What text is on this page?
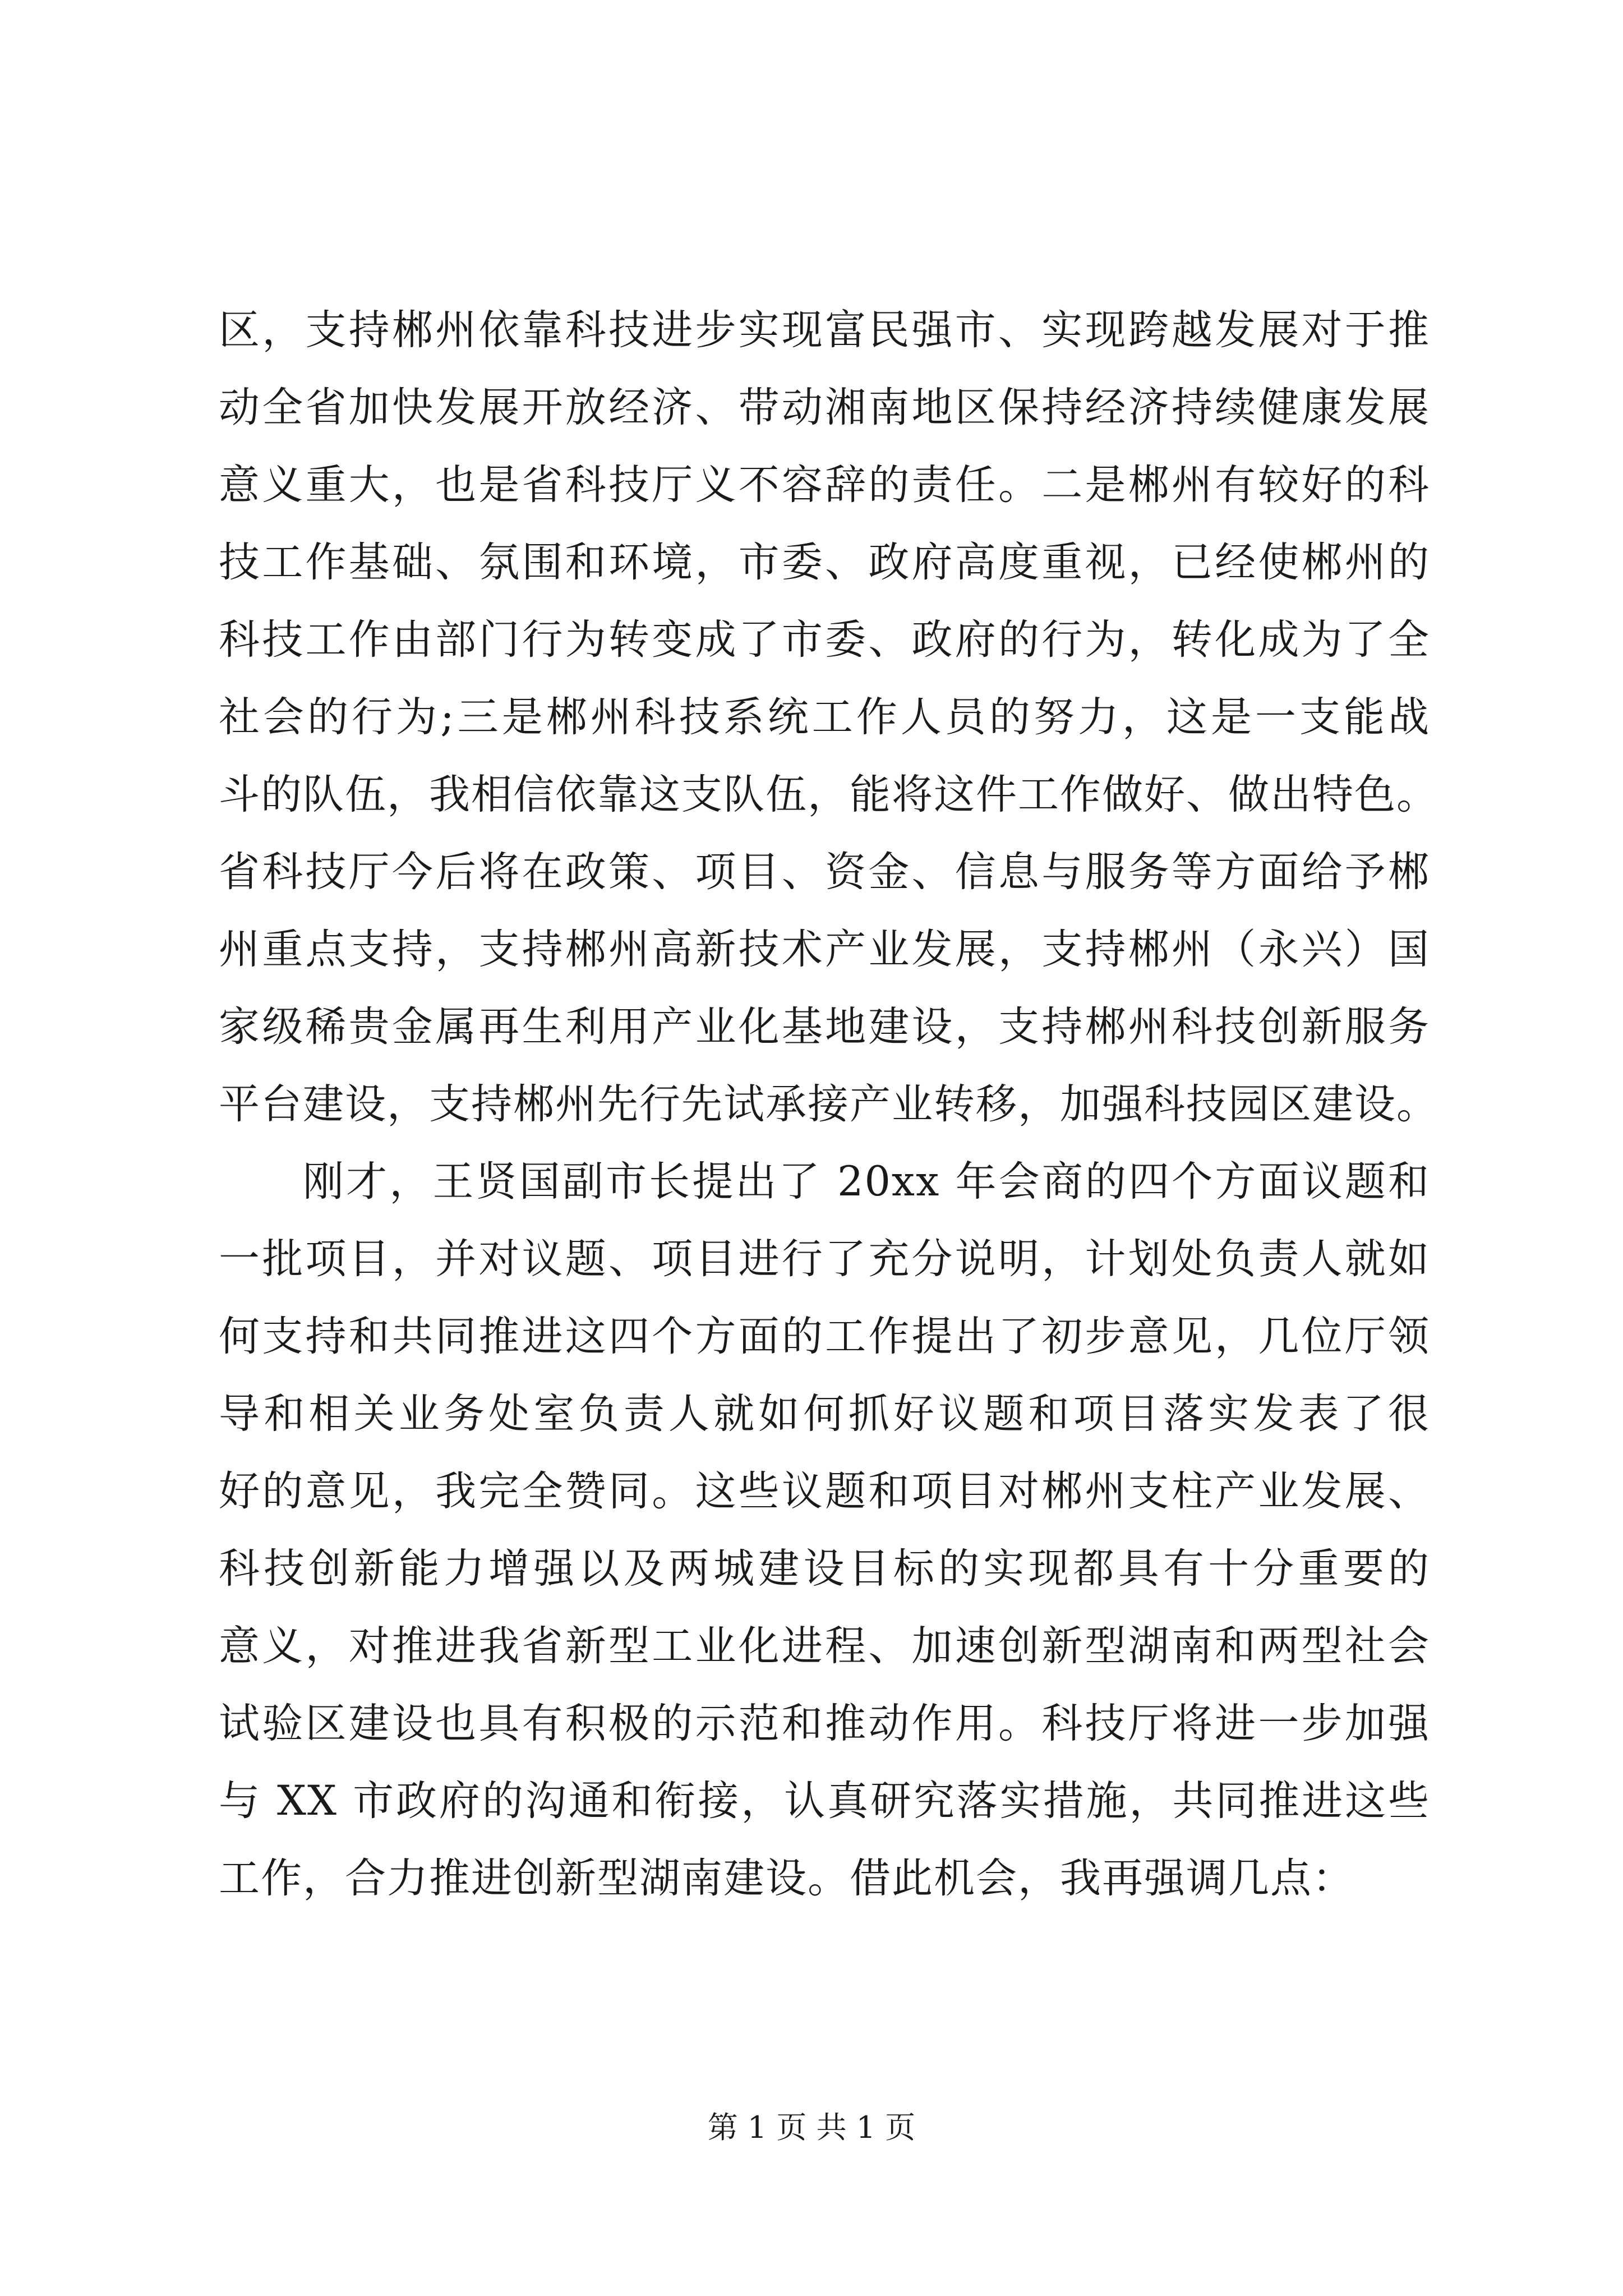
区，支持郴州依靠科技进步实现富民强市、实现跨越发展对于推
动全省加快发展开放经济、带动湘南地区保持经济持续健康发展
意义重大，也是省科技厅义不容辞的责任。二是郴州有较好的科
技工作基础、氛围和环境，市委、政府高度重视，已经使郴州的
科技工作由部门行为转变成了市委、政府的行为，转化成为了全
社会的行为;三是郴州科技系统工作人员的努力，这是一支能战
斗的队伍，我相信依靠这支队伍，能将这件工作做好、做出特色。
省科技厅今后将在政策、项目、资金、信息与服务等方面给予郴
州重点支持，支持郴州高新技术产业发展，支持郴州（永兴）国
家级稀贵金属再生利用产业化基地建设，支持郴州科技创新服务
平台建设，支持郴州先行先试承接产业转移，加强科技园区建设。
刚才，王贤国副市长提出了 20xx 年会商的四个方面议题和
一批项目，并对议题、项目进行了充分说明，计划处负责人就如
何支持和共同推进这四个方面的工作提出了初步意见，几位厅领
导和相关业务处室负责人就如何抓好议题和项目落实发表了很
好的意见，我完全赞同。这些议题和项目对郴州支柱产业发展、
科技创新能力增强以及两城建设目标的实现都具有十分重要的
意义，对推进我省新型工业化进程、加速创新型湖南和两型社会
试验区建设也具有积极的示范和推动作用。科技厅将进一步加强
与 XX 市政府的沟通和衔接，认真研究落实措施，共同推进这些
工作，合力推进创新型湖南建设。借此机会，我再强调几点：
第 1 页 共 1 页
